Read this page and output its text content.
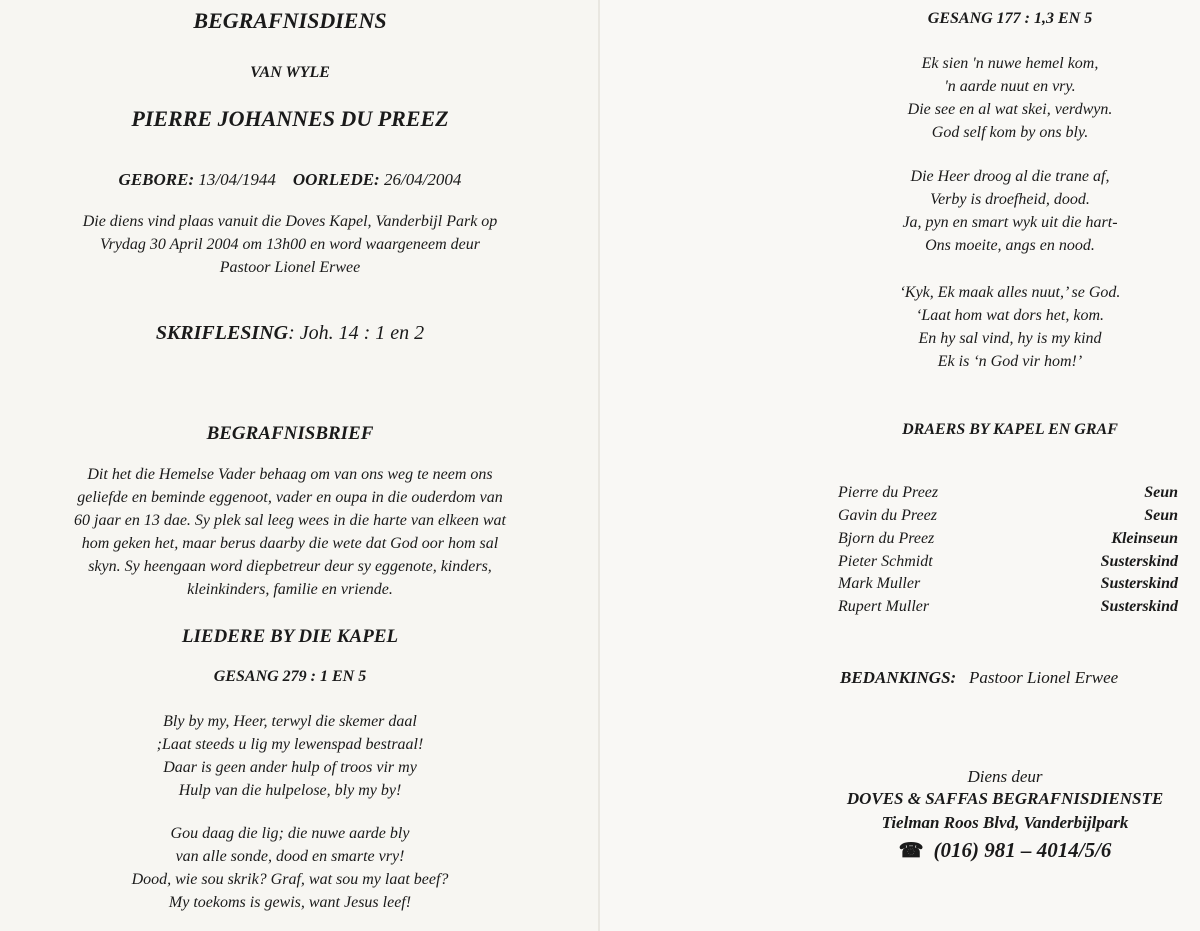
BEGRAFNISDIENS
VAN WYLE
PIERRE JOHANNES DU PREEZ
GEBORE: 13/04/1944 OORLEDE: 26/04/2004
Die diens vind plaas vanuit die Doves Kapel, Vanderbijl Park op
Vrydag 30 April 2004 om 13h00 en word waargeneem deur
Pastoor Lionel Erwee
SKRIFLESING: Joh. 14 : 1 en 2
BEGRAFNISBRIEF
Dit het die Hemelse Vader behaag om van ons weg te neem ons
geliefde en beminde eggenoot, vader en oupa in die ouderdom van
60 jaar en 13 dae. Sy plek sal leeg wees in die harte van elkeen wat
hom geken het, maar berus daarby die wete dat God oor hom sal
skyn. Sy heengaan word diepbetreur deur sy eggenote, kinders,
kleinkinders, familie en vriende.
LIEDERE BY DIE KAPEL
GESANG 279 : 1 EN 5
Bly by my, Heer, terwyl die skemer daal
;Laat steeds u lig my lewenspad bestraal!
Daar is geen ander hulp of troos vir my
Hulp van die hulpelose, bly my by!
Gou daag die lig; die nuwe aarde bly
van alle sonde, dood en smarte vry!
Dood, wie sou skrik? Graf, wat sou my laat beef?
My toekoms is gewis, want Jesus leef!
GESANG 177 : 1,3 EN 5
Ek sien 'n nuwe hemel kom,
'n aarde nuut en vry.
Die see en al wat skei, verdwyn.
God self kom by ons bly.
Die Heer droog al die trane af,
Verby is droefheid, dood.
Ja, pyn en smart wyk uit die hart-
Ons moeite, angs en nood.
‘Kyk, Ek maak alles nuut,’ se God.
‘Laat hom wat dors het, kom.
En hy sal vind, hy is my kind
Ek is ‘n God vir hom!’
DRAERS BY KAPEL EN GRAF
Pierre du Preez	Seun
Gavin du Preez	Seun
Bjorn du Preez	Kleinseun
Pieter Schmidt	Susterskind
Mark Muller	Susterskind
Rupert Muller	Susterskind
BEDANKINGS: Pastoor Lionel Erwee
Diens deur
DOVES & SAFFAS BEGRAFNISDIENSTE
Tielman Roos Blvd, Vanderbijlpark
☎ (016) 981 – 4014/5/6
